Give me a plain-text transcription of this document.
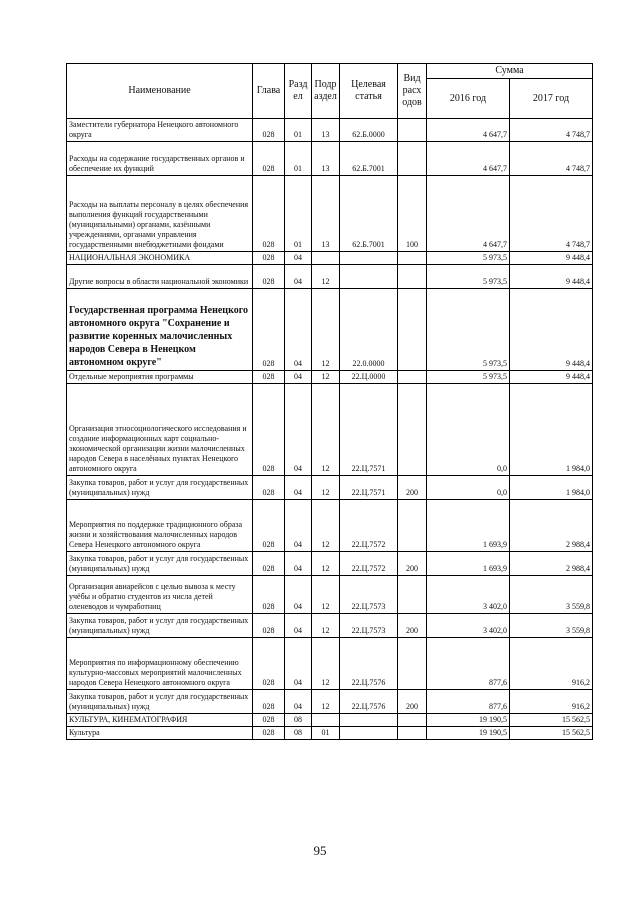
Наименование	Глава	Разд ел	Подр аздел	Целевая статья	Вид расх одов	Сумма	
						2016 год	2017 год
Заместители губернатора Ненецкого автономного округа	028	01	13	62.Б.0000		4 647,7	4 748,7
Расходы на содержание государственных органов и обеспечение их функций	028	01	13	62.Б.7001		4 647,7	4 748,7
Расходы на выплаты персоналу в целях обеспечения выполнения функций государственными (муниципальными) органами, казёнными учреждениями, органами управления государственными внебюджетными фондами	028	01	13	62.Б.7001	100	4 647,7	4 748,7
НАЦИОНАЛЬНАЯ ЭКОНОМИКА	028	04				5 973,5	9 448,4
Другие вопросы в области национальной экономики	028	04	12			5 973,5	9 448,4
Государственная программа Ненецкого автономного округа "Сохранение и развитие коренных малочисленных народов Севера в Ненецком автономном округе"	028	04	12	22.0.0000		5 973,5	9 448,4
Отдельные мероприятия программы	028	04	12	22.Ц.0000		5 973,5	9 448,4
Организация этносоциологического исследования и создание информационных карт социально-экономической организации жизни малочисленных народов Севера в населённых пунктах Ненецкого автономного округа	028	04	12	22.Ц.7571		0,0	1 984,0
Закупка товаров, работ и услуг для государственных (муниципальных) нужд	028	04	12	22.Ц.7571	200	0,0	1 984,0
Мероприятия по поддержке традиционного образа жизни и хозяйствования малочисленных народов Севера Ненецкого автономного округа	028	04	12	22.Ц.7572		1 693,9	2 988,4
Закупка товаров, работ и услуг для государственных (муниципальных) нужд	028	04	12	22.Ц.7572	200	1 693,9	2 988,4
Организация авиарейсов с целью вывоза к месту учёбы и обратно студентов из числа детей оленеводов и чумработниц	028	04	12	22.Ц.7573		3 402,0	3 559,8
Закупка товаров, работ и услуг для государственных (муниципальных) нужд	028	04	12	22.Ц.7573	200	3 402,0	3 559,8
Мероприятия по информационному обеспечению культурно-массовых мероприятий малочисленных народов Севера Ненецкого автономного округа	028	04	12	22.Ц.7576		877,6	916,2
Закупка товаров, работ и услуг для государственных (муниципальных) нужд	028	04	12	22.Ц.7576	200	877,6	916,2
КУЛЬТУРА, КИНЕМАТОГРАФИЯ	028	08				19 190,5	15 562,5
Культура	028	08	01			19 190,5	15 562,5
95
